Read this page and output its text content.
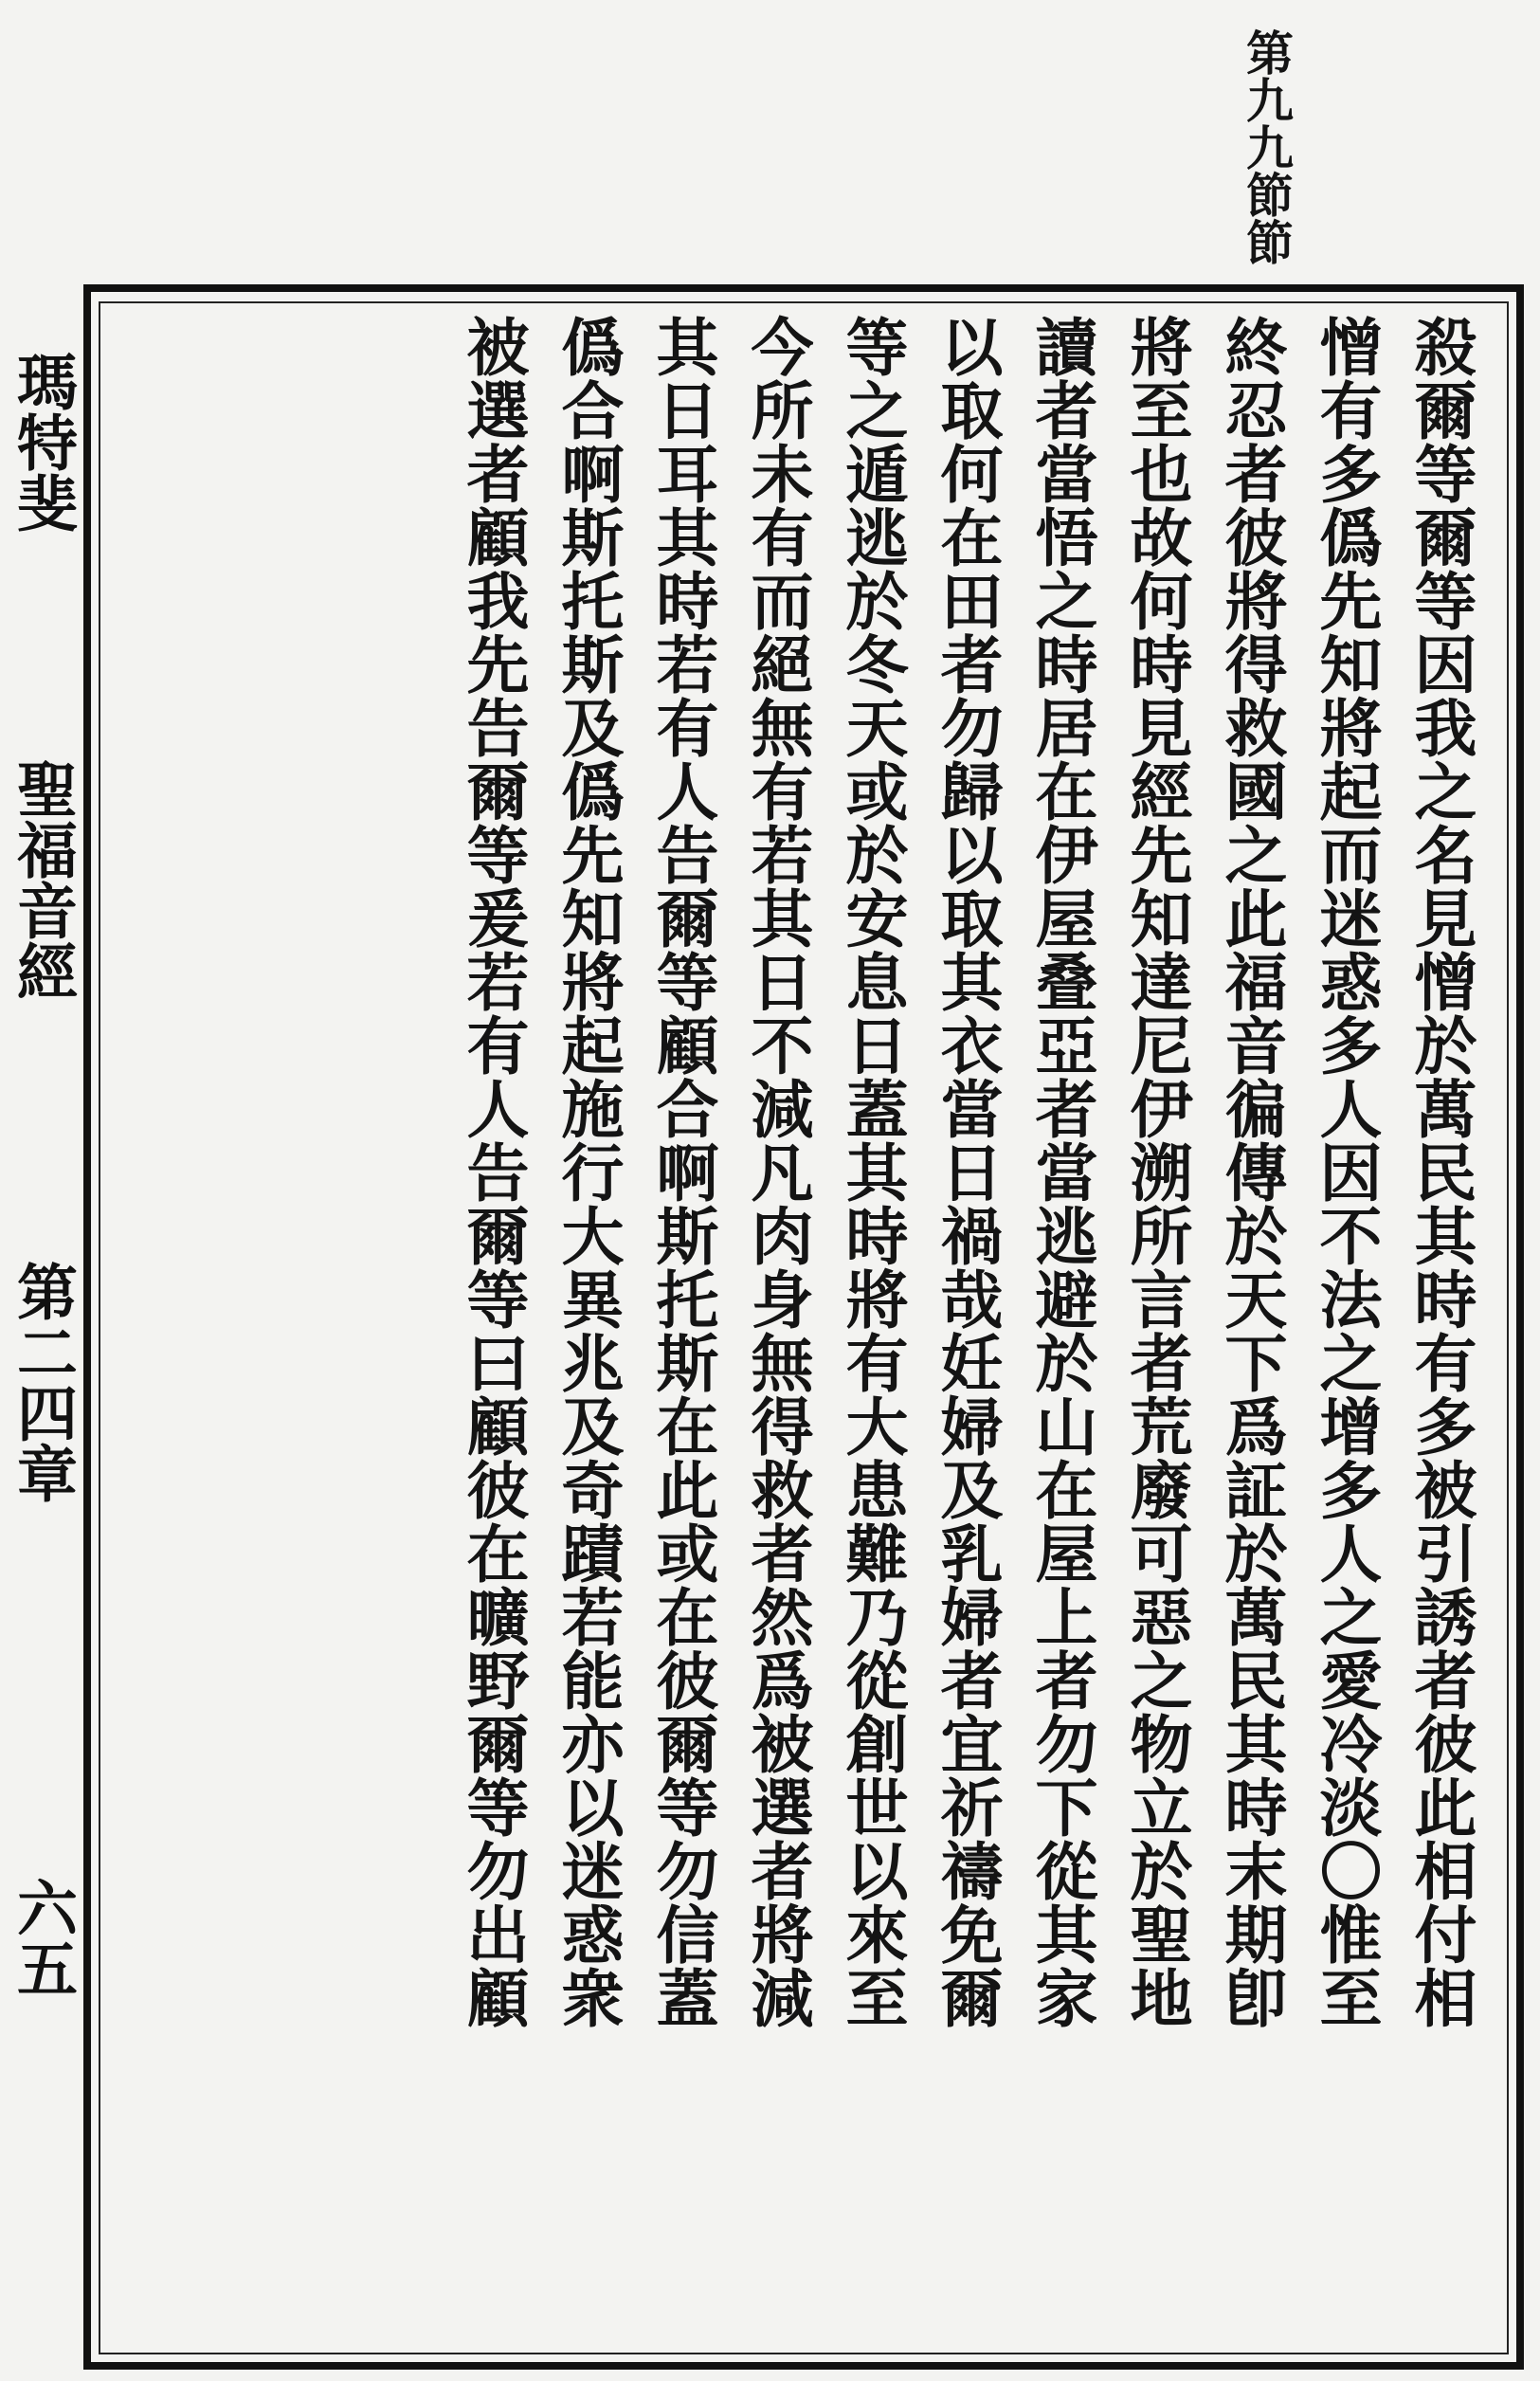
第九九節節
瑪特斐
聖福音經
第二四章
六五	殺爾等爾等因我之名見憎於萬民其時有多被引誘者彼此相付相
憎有多僞先知將起而迷惑多人因不法之增多人之愛冷淡〇惟至
終忍者彼將得救國之此福音徧傳於天下爲証於萬民其時末期卽
將至也故何時見經先知達尼伊溯所言者荒廢可惡之物立於聖地
讀者當悟之時居在伊屋叠亞者當逃避於山在屋上者勿下從其家
以取何在田者勿歸以取其衣當日禍哉妊婦及乳婦者宜祈禱免爾
等之遁逃於冬天或於安息日蓋其時將有大患難乃從創世以來至
今所未有而絕無有若其日不減凡肉身無得救者然爲被選者將減
其日耳其時若有人告爾等顧合啊斯托斯在此或在彼爾等勿信蓋
僞合啊斯托斯及僞先知將起施行大異兆及奇蹟若能亦以迷惑衆
被選者顧我先告爾等爰若有人告爾等曰顧彼在曠野爾等勿出顧
